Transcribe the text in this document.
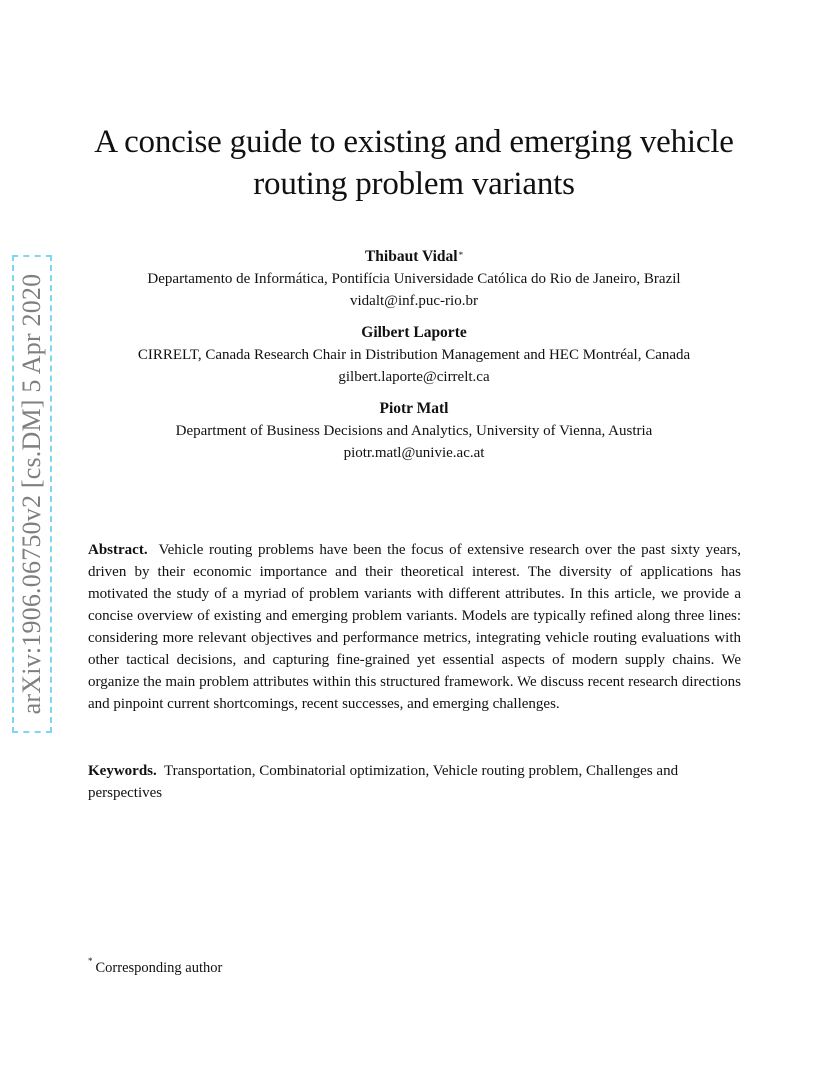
arXiv:1906.06750v2 [cs.DM] 5 Apr 2020
A concise guide to existing and emerging vehicle routing problem variants
Thibaut Vidal*
Departamento de Informática, Pontifícia Universidade Católica do Rio de Janeiro, Brazil
vidalt@inf.puc-rio.br
Gilbert Laporte
CIRRELT, Canada Research Chair in Distribution Management and HEC Montréal, Canada
gilbert.laporte@cirrelt.ca
Piotr Matl
Department of Business Decisions and Analytics, University of Vienna, Austria
piotr.matl@univie.ac.at

Abstract. Vehicle routing problems have been the focus of extensive research over the past sixty years, driven by their economic importance and their theoretical interest. The diversity of applications has motivated the study of a myriad of problem variants with different attributes. In this article, we provide a concise overview of existing and emerging problem variants. Models are typically refined along three lines: considering more relevant objectives and performance metrics, integrating vehicle routing evaluations with other tactical decisions, and capturing fine-grained yet essential aspects of modern supply chains. We organize the main problem attributes within this structured framework. We discuss recent research directions and pinpoint current shortcomings, recent successes, and emerging challenges.

Keywords. Transportation, Combinatorial optimization, Vehicle routing problem, Challenges and perspectives

* Corresponding author
